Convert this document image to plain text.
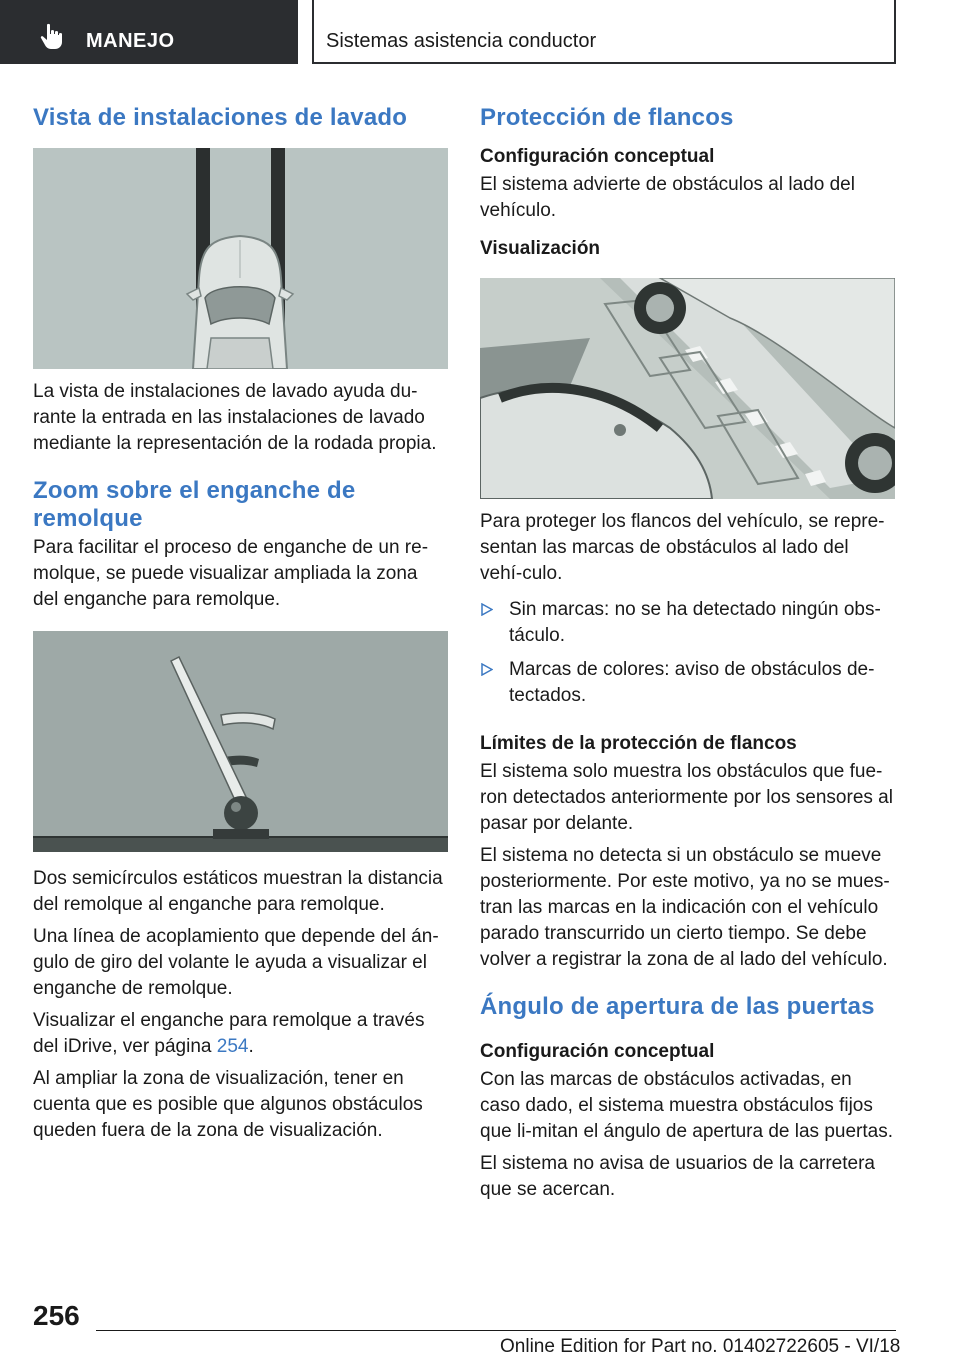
MANEJO	Sistemas asistencia conductor
Vista de instalaciones de lavado

La vista de instalaciones de lavado ayuda du-rante la entrada en las instalaciones de lavado mediante la representación de la rodada propia.

Zoom sobre el enganche de remolque

Para facilitar el proceso de enganche de un re-molque, se puede visualizar ampliada la zona del enganche para remolque.

Dos semicírculos estáticos muestran la distancia del remolque al enganche para remolque.

Una línea de acoplamiento que depende del án-gulo de giro del volante le ayuda a visualizar el enganche de remolque.

Visualizar el enganche para remolque a través del iDrive, ver página 254.

Al ampliar la zona de visualización, tener en cuenta que es posible que algunos obstáculos queden fuera de la zona de visualización.

Protección de flancos
Configuración conceptual

El sistema advierte de obstáculos al lado del vehículo.

Visualización

Para proteger los flancos del vehículo, se repre-sentan las marcas de obstáculos al lado del vehí-culo.

Sin marcas: no se ha detectado ningún obs-táculo.
Marcas de colores: aviso de obstáculos de-tectados.
Límites de la protección de flancos

El sistema solo muestra los obstáculos que fue-ron detectados anteriormente por los sensores al pasar por delante.

El sistema no detecta si un obstáculo se mueve posteriormente. Por este motivo, ya no se mues-tran las marcas en la indicación con el vehículo parado transcurrido un cierto tiempo. Se debe volver a registrar la zona de al lado del vehículo.

Ángulo de apertura de las puertas
Configuración conceptual

Con las marcas de obstáculos activadas, en caso dado, el sistema muestra obstáculos fijos que li-mitan el ángulo de apertura de las puertas.

El sistema no avisa de usuarios de la carretera que se acercan.

256
Online Edition for Part no. 01402722605 - VI/18
